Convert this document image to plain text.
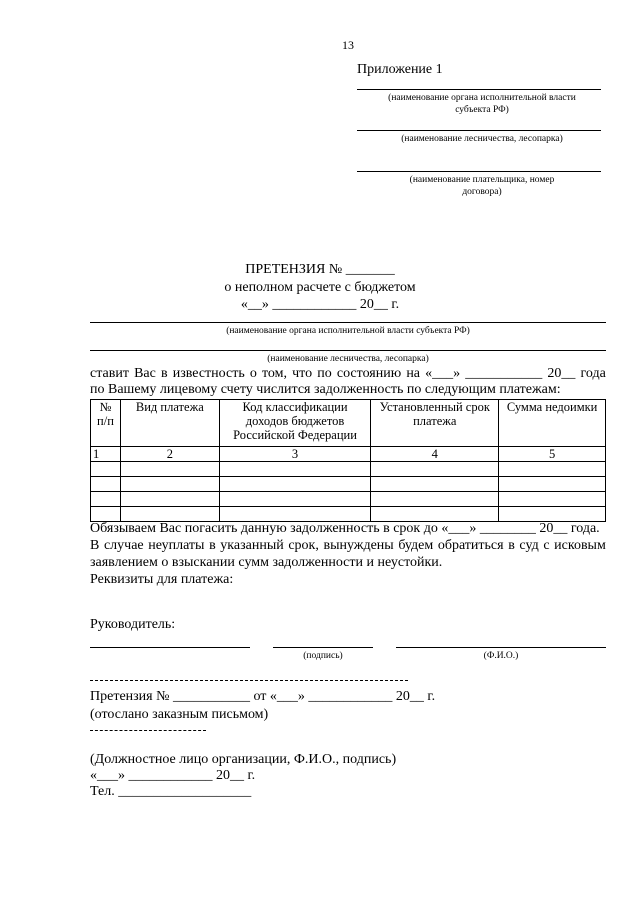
13
Приложение 1
(наименование органа исполнительной власти субъекта РФ)
(наименование лесничества, лесопарка)
(наименование плательщика, номер договора)
ПРЕТЕНЗИЯ № _______
о неполном расчете с бюджетом
«__» ____________ 20__ г.
(наименование органа исполнительной власти субъекта РФ)
(наименование лесничества, лесопарка)
ставит Вас в известность о том, что по состоянию на «___» ___________ 20__ года
по Вашему лицевому счету числится задолженность по следующим платежам:
№ п/п	Вид платежа	Код классификации доходов бюджетов Российской Федерации	Установленный срок платежа	Сумма недоимки
1	2	3	4	5

Обязываем Вас погасить данную задолженность в срок до «___» ________ 20__ года.
В случае неуплаты в указанный срок, вынуждены будем обратиться в суд с исковым
заявлением о взыскании сумм задолженности и неустойки.
Реквизиты для платежа:
Руководитель:
(подпись)	(Ф.И.О.)
Претензия № ___________ от «___» ____________ 20__ г.
(отослано заказным письмом)
(Должностное лицо организации, Ф.И.О., подпись)
«___» ____________ 20__ г.
Тел. ___________________
